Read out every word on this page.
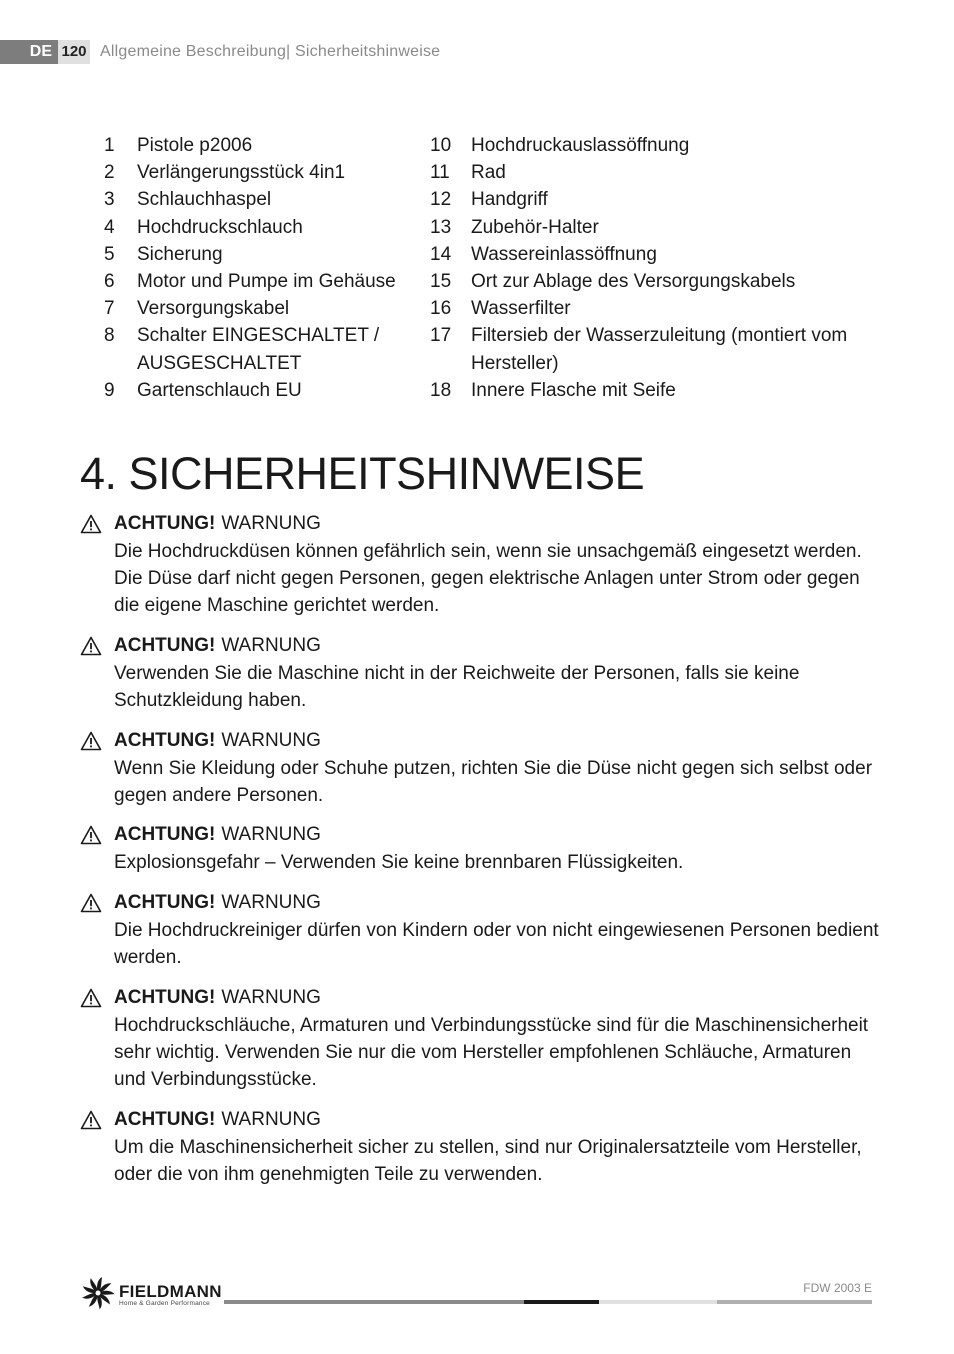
DE 120 Allgemeine Beschreibung| Sicherheitshinweise
1	Pistole p2006
2	Verlängerungsstück 4in1
3	Schlauchhaspel
4	Hochdruckschlauch
5	Sicherung
6	Motor und Pumpe im Gehäuse
7	Versorgungskabel
8	Schalter EINGESCHALTET / AUSGESCHALTET
9	Gartenschlauch EU
10	Hochdruckauslassöffnung
11	Rad
12	Handgriff
13	Zubehör-Halter
14	Wassereinlassöffnung
15	Ort zur Ablage des Versorgungskabels
16	Wasserfilter
17	Filtersieb der Wasserzuleitung (montiert vom Hersteller)
18	Innere Flasche mit Seife
4. SICHERHEITSHINWEISE
ACHTUNG! WARNUNG
Die Hochdruckdüsen können gefährlich sein, wenn sie unsachgemäß eingesetzt werden. Die Düse darf nicht gegen Personen, gegen elektrische Anlagen unter Strom oder gegen die eigene Maschine gerichtet werden.
ACHTUNG! WARNUNG
Verwenden Sie die Maschine nicht in der Reichweite der Personen, falls sie keine Schutzkleidung haben.
ACHTUNG! WARNUNG
Wenn Sie Kleidung oder Schuhe putzen, richten Sie die Düse nicht gegen sich selbst oder gegen andere Personen.
ACHTUNG! WARNUNG
Explosionsgefahr – Verwenden Sie keine brennbaren Flüssigkeiten.
ACHTUNG! WARNUNG
Die Hochdruckreiniger dürfen von Kindern oder von nicht eingewiesenen Personen bedient werden.
ACHTUNG! WARNUNG
Hochdruckschläuche, Armaturen und Verbindungsstücke sind für die Maschinensicherheit sehr wichtig. Verwenden Sie nur die vom Hersteller empfohlenen Schläuche, Armaturen und Verbindungsstücke.
ACHTUNG! WARNUNG
Um die Maschinensicherheit sicher zu stellen, sind nur Originalersatzteile vom Hersteller, oder die von ihm genehmigten Teile zu verwenden.
FIELDMANN
Home & Garden Performance
FDW 2003 E
